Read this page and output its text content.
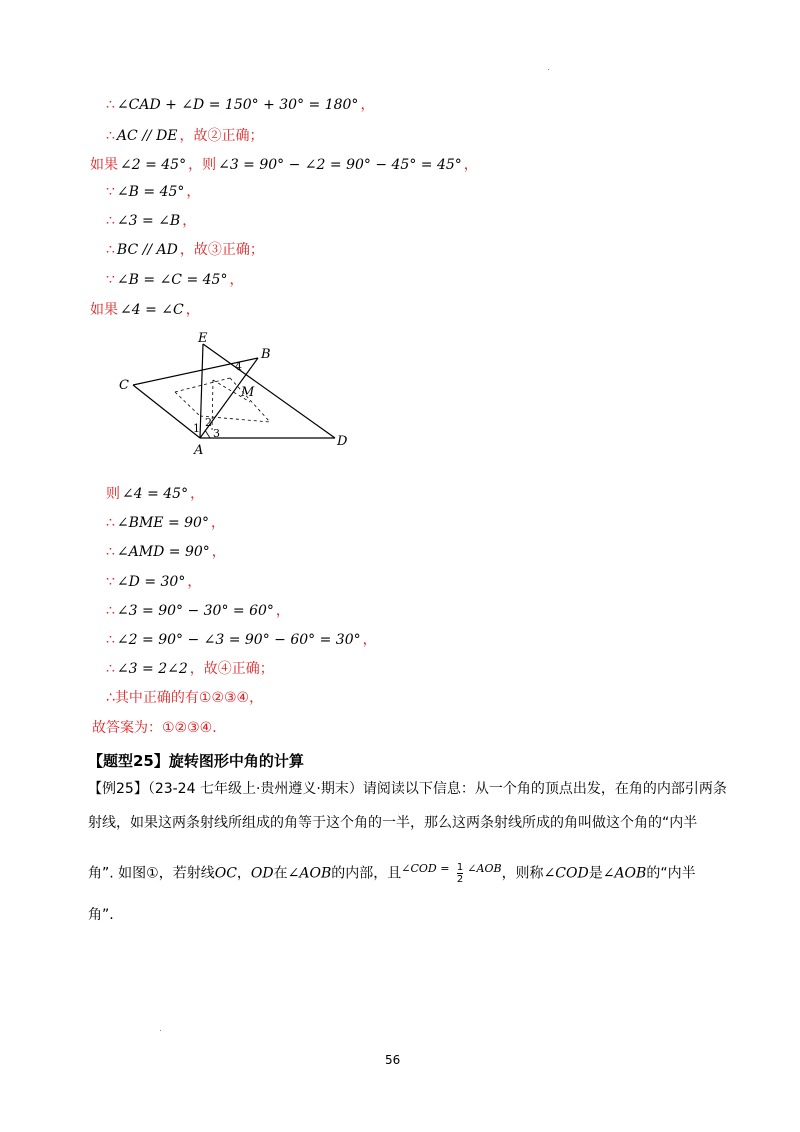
∴ ∠CAD + ∠D = 150° + 30° = 180° ，
∴ AC // DE ，故②正确；
如果 ∠2 = 45° ，则 ∠3 = 90° − ∠2 = 90° − 45° = 45° ，
∵ ∠B = 45° ，
∴ ∠3 = ∠B ，
∴ BC // AD ，故③正确；
∵ ∠B = ∠C = 45° ，
如果 ∠4 = ∠C ，
E
B
C	M
A
D
1 2
3
4
则 ∠4 = 45° ，
∴ ∠BME = 90° ，
∴ ∠AMD = 90° ，
∵ ∠D = 30° ，
∴ ∠3 = 90° − 30° = 60° ，
∴ ∠2 = 90° − ∠3 = 90° − 60° = 30° ，
∴ ∠3 = 2∠2 ，故④正确；
∴其中正确的有①②③④，
故答案为：①②③④.
【题型25】旋转图形中角的计算
【例25】（23-24 七年级上·贵州遵义·期末）请阅读以下信息：从一个角的顶点出发，在角的内部引两条
射线，如果这两条射线所组成的角等于这个角的一半，那么这两条射线所成的角叫做这个角的“内半
角”. 如图①，若射线OC，OD在∠AOB的内部，且$^{\angle COD =} \frac{1}{2} ^{\angle AOB}$，则称∠COD是∠AOB的“内半
角”.
56
